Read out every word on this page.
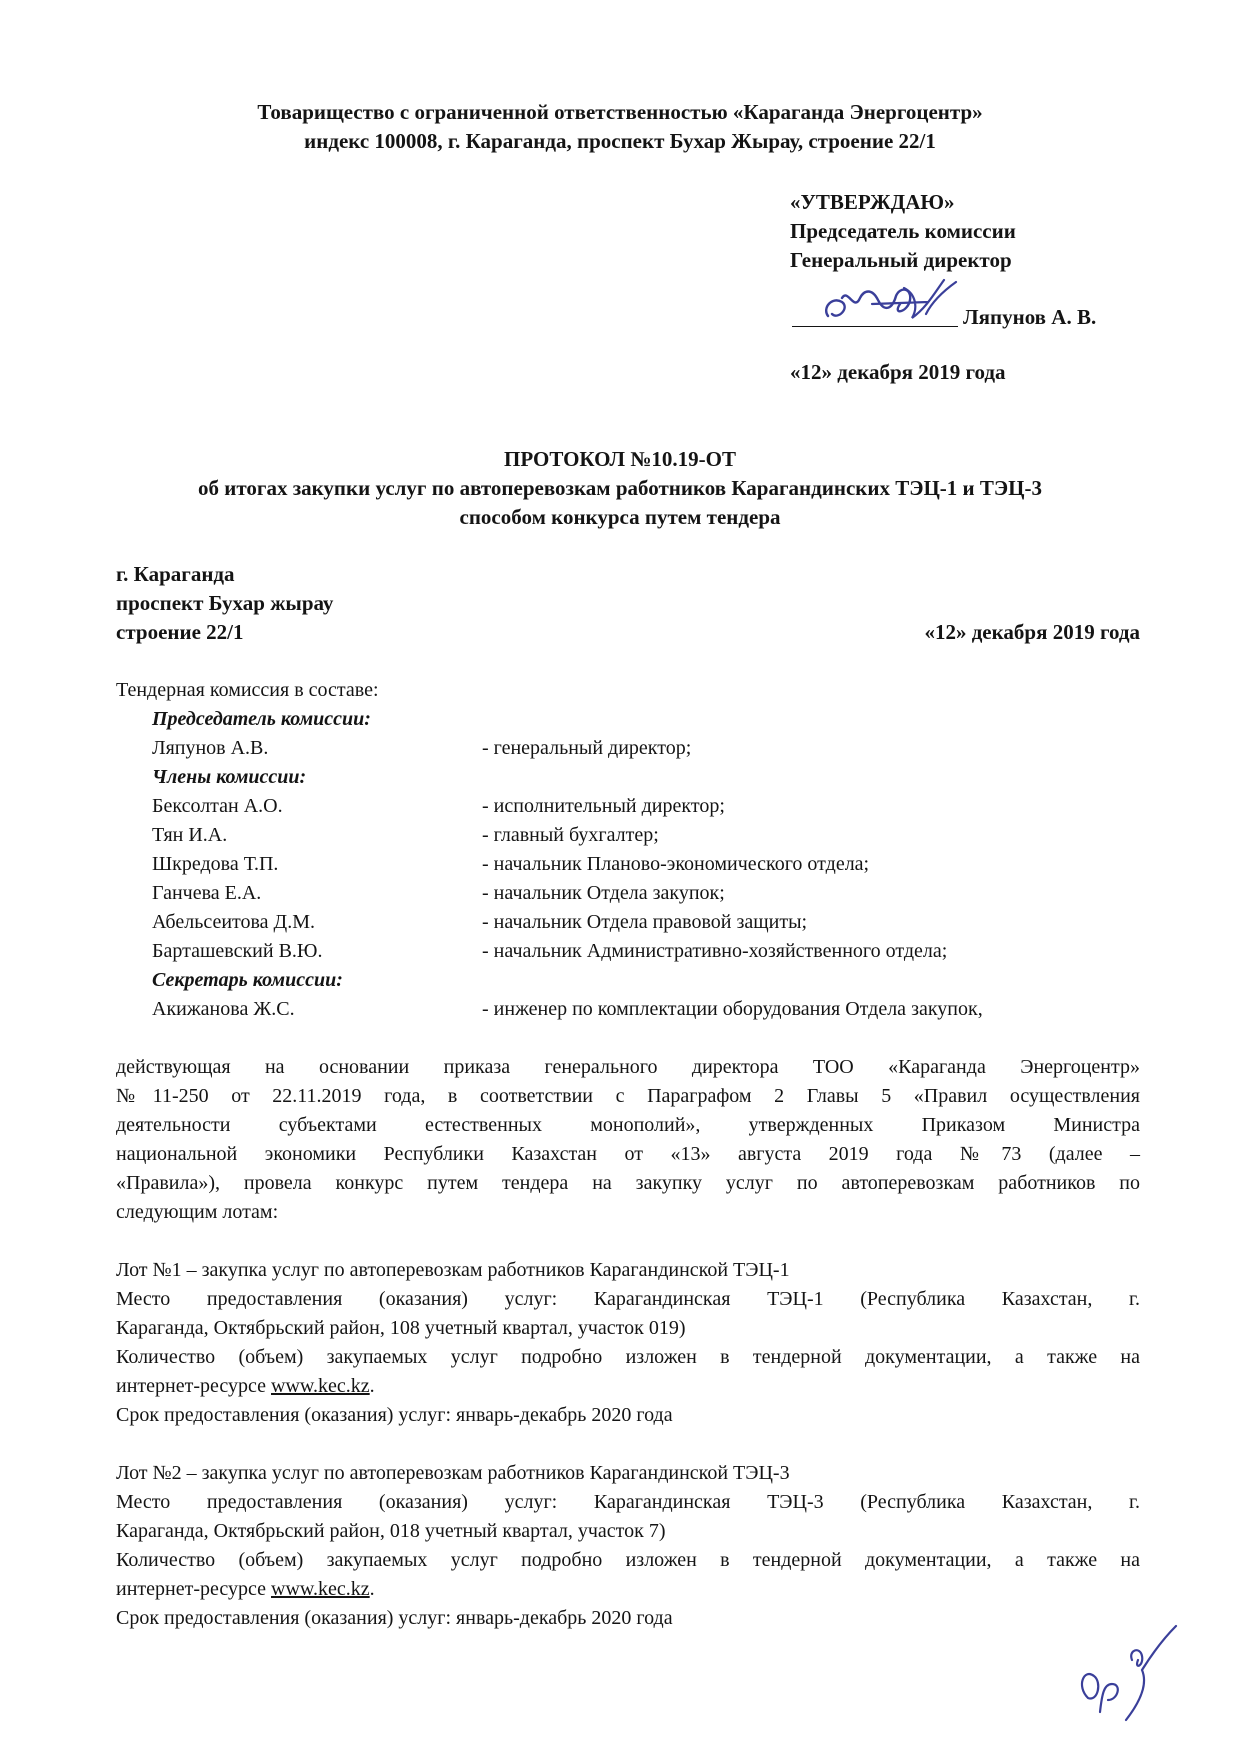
Товарищество с ограниченной ответственностью «Караганда Энергоцентр»
индекс 100008, г. Караганда, проспект Бухар Жырау, строение 22/1
«УТВЕРЖДАЮ»
Председатель комиссии
Генеральный директор
Ляпунов А. В.
«12» декабря 2019 года
ПРОТОКОЛ №10.19-ОТ
об итогах закупки услуг по автоперевозкам работников Карагандинских ТЭЦ-1 и ТЭЦ-3
способом конкурса путем тендера
г. Караганда
проспект Бухар жырау
строение 22/1	«12» декабря 2019 года
Тендерная комиссия в составе:
Председатель комиссии:
Ляпунов А.В.	- генеральный директор;
Члены комиссии:
Бексолтан А.О.	- исполнительный директор;
Тян И.А.	- главный бухгалтер;
Шкредова Т.П.	- начальник Планово-экономического отдела;
Ганчева Е.А.	- начальник Отдела закупок;
Абельсеитова Д.М.	- начальник Отдела правовой защиты;
Барташевский В.Ю.	- начальник Административно-хозяйственного отдела;
Секретарь комиссии:
Акижанова Ж.С.	- инженер по комплектации оборудования Отдела закупок,
действующая на основании приказа генерального директора ТОО «Караганда Энергоцентр»
№11-250 от 22.11.2019 года, в соответствии с Параграфом 2 Главы 5 «Правил осуществления
деятельности субъектами естественных монополий», утвержденных Приказом Министра
национальной экономики Республики Казахстан от «13» августа 2019 года №73 (далее –
«Правила»), провела конкурс путем тендера на закупку услуг по автоперевозкам работников по
следующим лотам:
Лот №1 – закупка услуг по автоперевозкам работников Карагандинской ТЭЦ-1
Место предоставления (оказания) услуг: Карагандинская ТЭЦ-1 (Республика Казахстан, г.
Караганда, Октябрьский район, 108 учетный квартал, участок 019)
Количество (объем) закупаемых услуг подробно изложен в тендерной документации, а также на
интернет-ресурсе www.kec.kz.
Срок предоставления (оказания) услуг: январь-декабрь 2020 года
Лот №2 – закупка услуг по автоперевозкам работников Карагандинской ТЭЦ-3
Место предоставления (оказания) услуг: Карагандинская ТЭЦ-3 (Республика Казахстан, г.
Караганда, Октябрьский район, 018 учетный квартал, участок 7)
Количество (объем) закупаемых услуг подробно изложен в тендерной документации, а также на
интернет-ресурсе www.kec.kz.
Срок предоставления (оказания) услуг: январь-декабрь 2020 года
